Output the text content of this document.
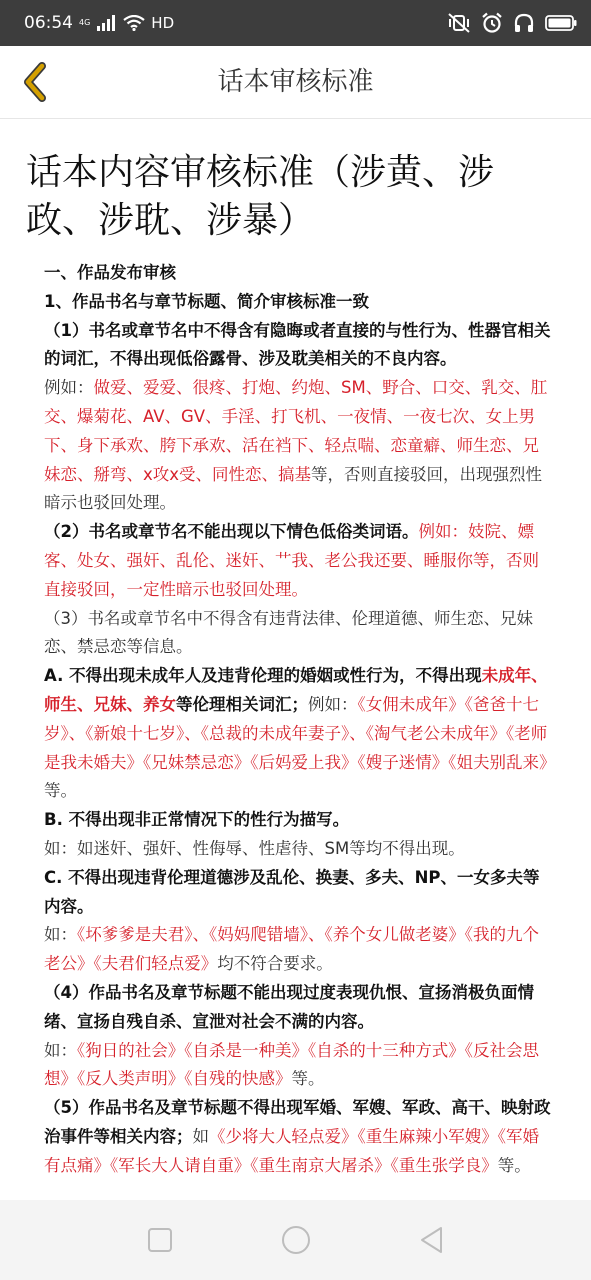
06:54 4G	HD
话本审核标准
话本内容审核标准（涉黄、涉政、涉耽、涉暴）

一、作品发布审核

1、作品书名与章节标题、简介审核标准一致

（1）书名或章节名中不得含有隐晦或者直接的与性行为、性器官相关的词汇，不得出现低俗露骨、涉及耽美相关的不良内容。

例如：做爱、爱爱、很疼、打炮、约炮、SM、野合、口交、乳交、肛交、爆菊花、AV、GV、手淫、打飞机、一夜情、一夜七次、女上男下、身下承欢、胯下承欢、活在裆下、轻点喘、恋童癖、师生恋、兄妹恋、掰弯、x攻x受、同性恋、搞基等，否则直接驳回，出现强烈性暗示也驳回处理。

（2）书名或章节名不能出现以下情色低俗类词语。例如：妓院、嫖客、处女、强奸、乱伦、迷奸、艹我、老公我还要、睡服你等，否则直接驳回，一定性暗示也驳回处理。

（3）书名或章节名中不得含有违背法律、伦理道德、师生恋、兄妹恋、禁忌恋等信息。

A. 不得出现未成年人及违背伦理的婚姻或性行为，不得出现未成年、师生、兄妹、养女等伦理相关词汇；例如：《女佣未成年》《爸爸十七岁》、《新娘十七岁》、《总裁的未成年妻子》、《淘气老公未成年》《老师是我未婚夫》《兄妹禁忌恋》《后妈爱上我》《嫂子迷情》《姐夫别乱来》等。

B. 不得出现非正常情况下的性行为描写。

如：如迷奸、强奸、性侮辱、性虐待、SM等均不得出现。

C. 不得出现违背伦理道德涉及乱伦、换妻、多夫、NP、一女多夫等内容。

如：《坏爹爹是夫君》、《妈妈爬错墙》、《养个女儿做老婆》《我的九个老公》《夫君们轻点爱》均不符合要求。

（4）作品书名及章节标题不能出现过度表现仇恨、宣扬消极负面情绪、宣扬自残自杀、宣泄对社会不满的内容。

如：《狗日的社会》《自杀是一种美》《自杀的十三种方式》《反社会思想》《反人类声明》《自残的快感》等。

（5）作品书名及章节标题不得出现军婚、军嫂、军政、高干、映射政治事件等相关内容；如《少将大人轻点爱》《重生麻辣小军嫂》《军婚有点痛》《军长大人请自重》《重生南京大屠杀》《重生张学良》等。
